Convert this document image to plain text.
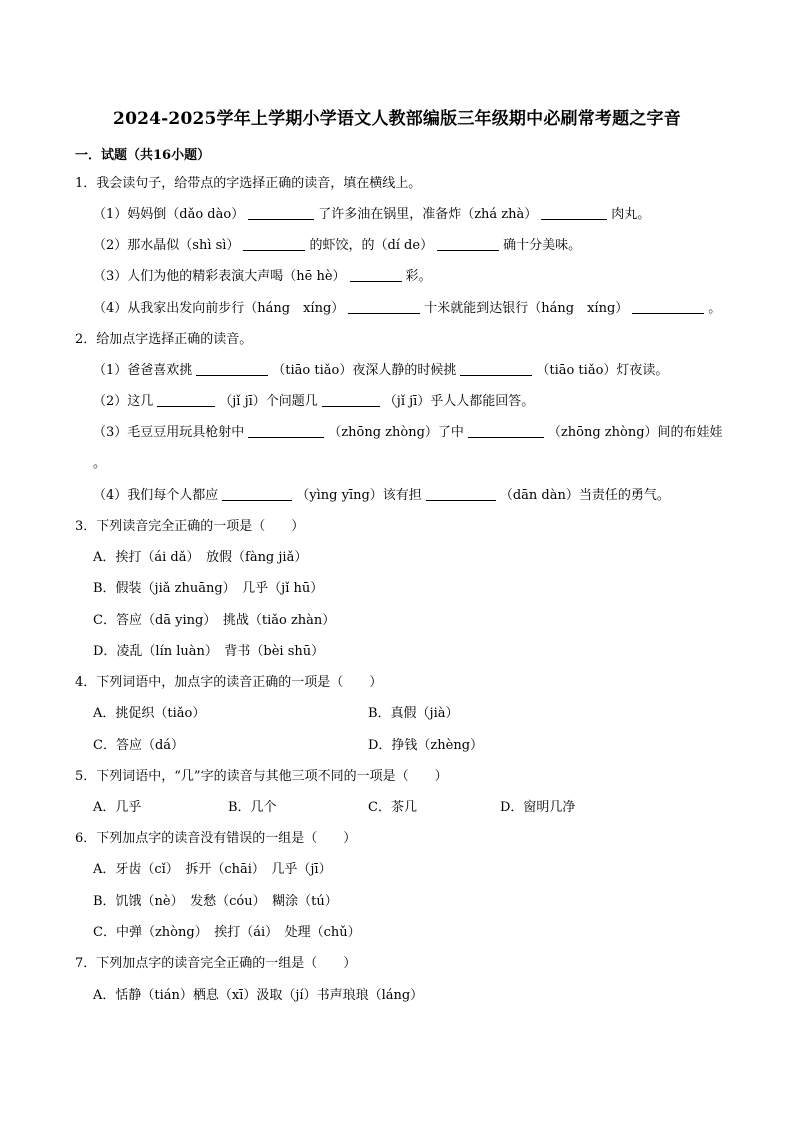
2024-2025学年上学期小学语文人教部编版三年级期中必刷常考题之字音
一．试题（共16小题）
1．我会读句子，给带点的字选择正确的读音，填在横线上。
（1）妈妈倒（dǎo dào）	了许多油在锅里，准备炸（zhá zhà）	肉丸。
（2）那水晶似（shì sì）	的虾饺，的（dí de）	确十分美味。
（3）人们为他的精彩表演大声喝（hē hè）	彩。
（4）从我家出发向前步行（háng　xíng）	十米就能到达银行（háng　xíng）	。
2．给加点字选择正确的读音。
（1）爸爸喜欢挑	（tiāo tiǎo）夜深人静的时候挑	（tiāo tiǎo）灯夜读。
（2）这几	（jǐ jī）个问题几	（jǐ jī）乎人人都能回答。
（3）毛豆豆用玩具枪射中	（zhōng zhòng）了中	（zhōng zhòng）间的布娃娃
。
（4）我们每个人都应	（yìng yīng）该有担	（dān dàn）当责任的勇气。
3．下列读音完全正确的一项是（　　）
A．挨打（ái dǎ）　放假（fàng jiǎ）
B．假装（jiǎ zhuāng）　几乎（jǐ hū）
C．答应（dā ying）　挑战（tiǎo zhàn）
D．凌乱（lín luàn）　背书（bèi shū）
4．下列词语中，加点字的读音正确的一项是（　　）
A．挑促织（tiǎo）	B．真假（jià）
C．答应（dá）	D．挣钱（zhèng）
5．下列词语中，“几”字的读音与其他三项不同的一项是（　　）
A．几乎	B．几个	C．茶几	D．窗明几净
6．下列加点字的读音没有错误的一组是（　　）
A．牙齿（cǐ）　拆开（chāi）　几乎（jī）
B．饥饿（nè）　发愁（cóu）　糊涂（tú）
C．中弹（zhòng）　挨打（ái）　处理（chǔ）
7．下列加点字的读音完全正确的一组是（　　）
A．恬静（tián）栖息（xī）汲取（jí）书声琅琅（láng）
